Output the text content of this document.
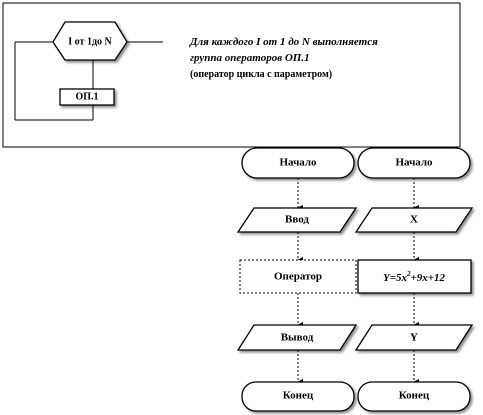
I от 1до N
ОП.1
Для каждого I от 1 до N выполняется
группа операторов ОП.1
(оператор цикла с параметром)
Начало
Ввод
Оператор
Вывод
Конец
Начало
X
$Y=5x^2+9x+12$
Y
Конец
